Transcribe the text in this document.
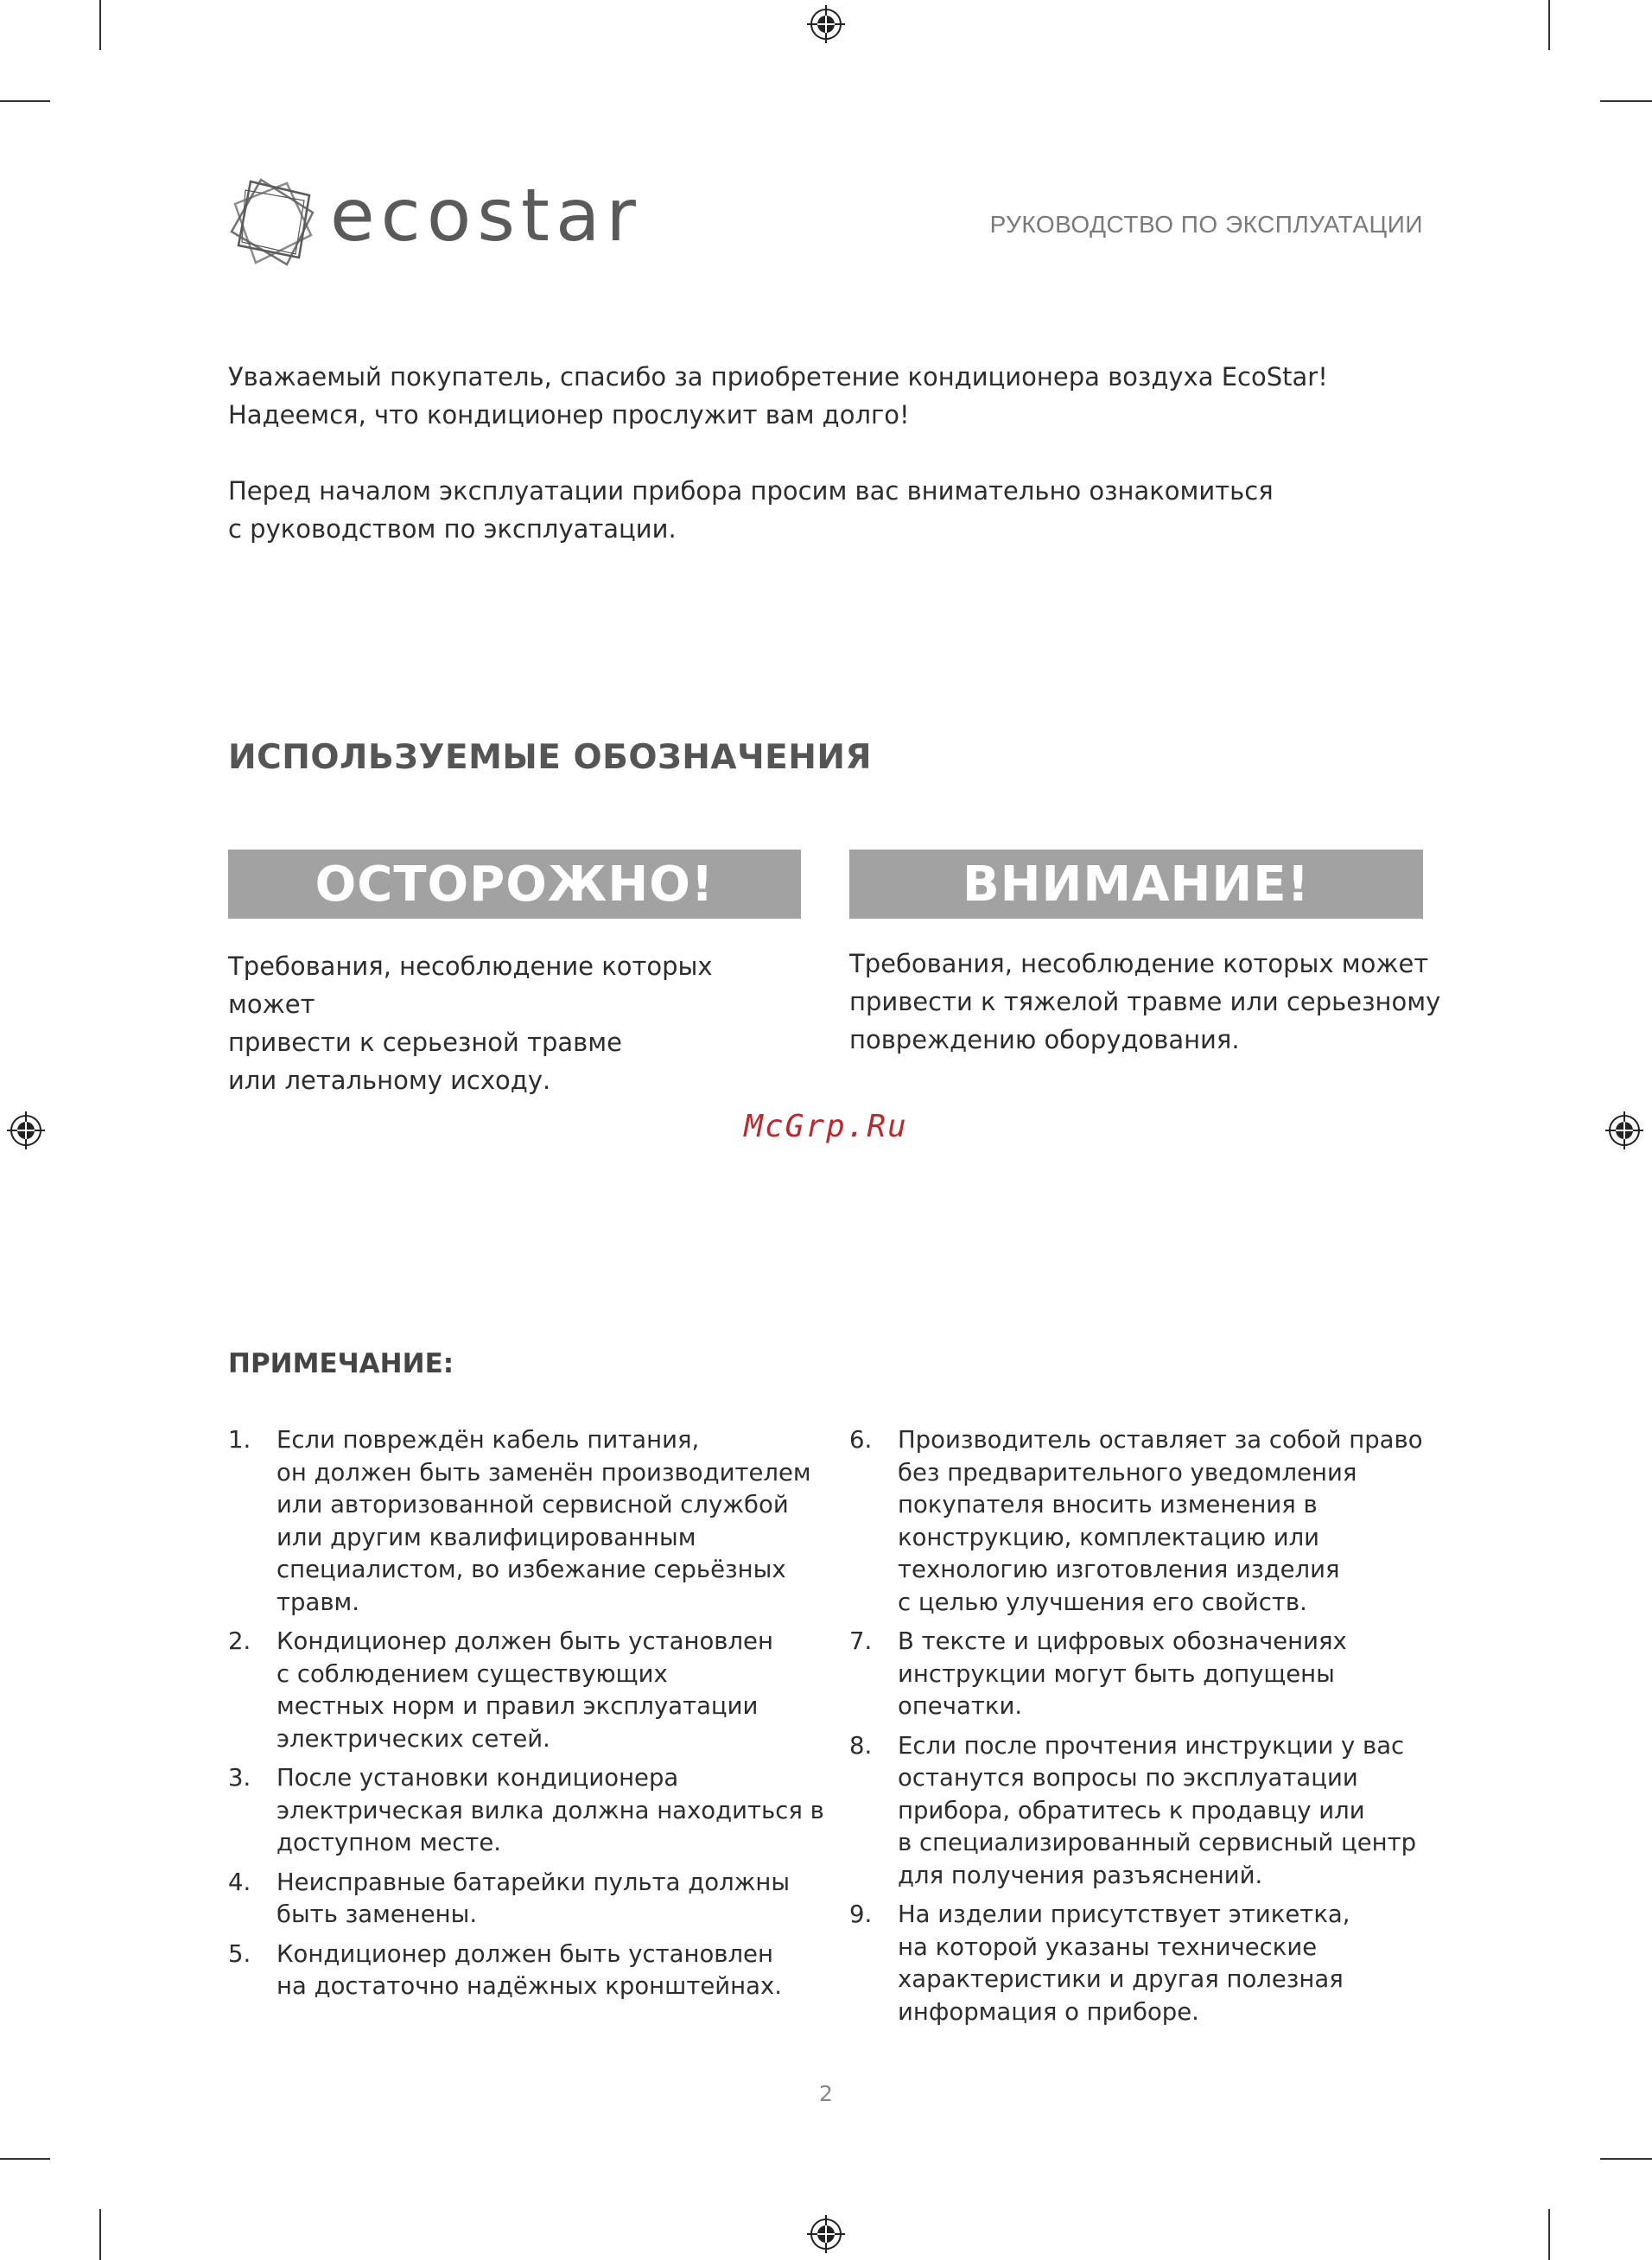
ecostar	РУКОВОДСТВО ПО ЭКСПЛУАТАЦИИ

Уважаемый покупатель, спасибо за приобретение кондиционера воздуха EcoStar!

Надеемся, что кондиционер прослужит вам долго!

Перед началом эксплуатации прибора просим вас внимательно ознакомиться

с руководством по эксплуатации.

ИСПОЛЬЗУЕМЫЕ ОБОЗНАЧЕНИЯ
ОСТОРОЖНО!	ВНИМАНИЕ!
Требования, несоблюдение которых может
привести к серьезной травме
или летальному исходу.
Требования, несоблюдение которых может
привести к тяжелой травме или серьезному
повреждению оборудования.
McGrp.Ru
ПРИМЕЧАНИЕ:
1. Если повреждён кабель питания,
он должен быть заменён производителем
или авторизованной сервисной службой
или другим квалифицированным
специалистом, во избежание серьёзных
травм.
2. Кондиционер должен быть установлен
с соблюдением существующих
местных норм и правил эксплуатации
электрических сетей.
3. После установки кондиционера
электрическая вилка должна находиться в
доступном месте.
4. Неисправные батарейки пульта должны
быть заменены.
5. Кондиционер должен быть установлен
на достаточно надёжных кронштейнах.
6. Производитель оставляет за собой право
без предварительного уведомления
покупателя вносить изменения в
конструкцию, комплектацию или
технологию изготовления изделия
с целью улучшения его свойств.
7. В тексте и цифровых обозначениях
инструкции могут быть допущены
опечатки.
8. Если после прочтения инструкции у вас
останутся вопросы по эксплуатации
прибора, обратитесь к продавцу или
в специализированный сервисный центр
для получения разъяснений.
9. На изделии присутствует этикетка,
на которой указаны технические
характеристики и другая полезная
информация о приборе.
2
